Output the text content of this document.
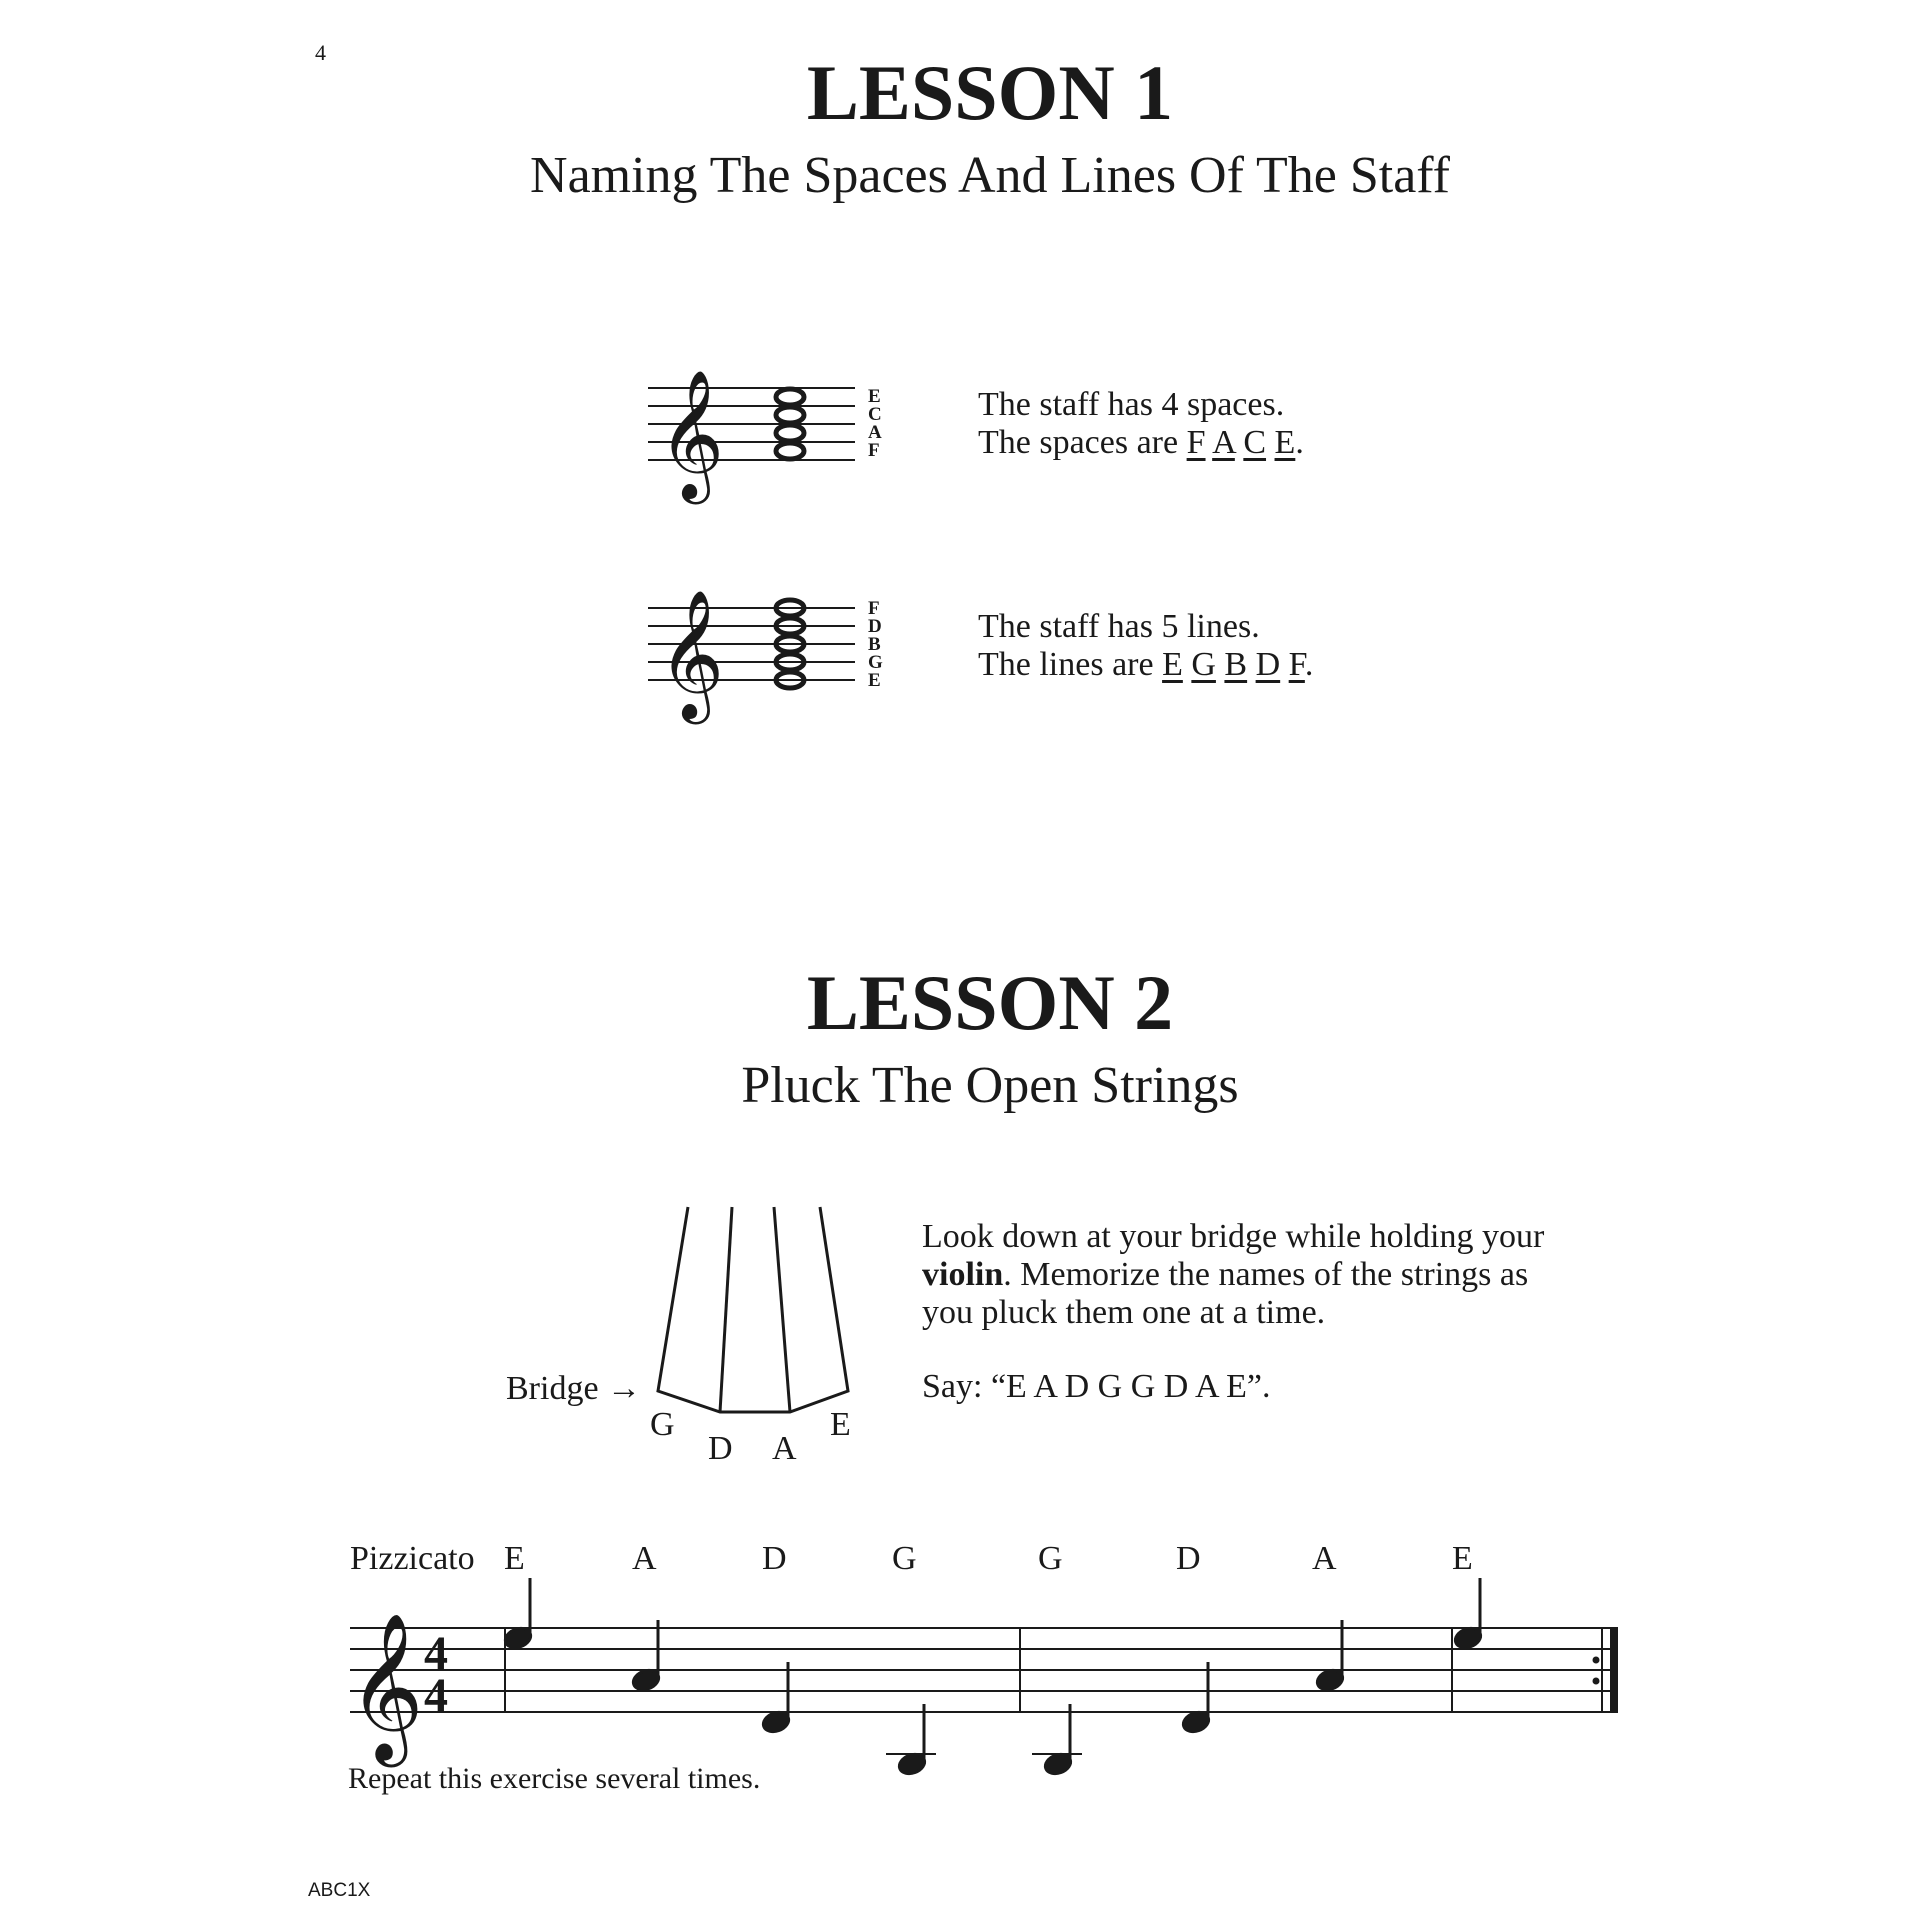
4	LESSON 1
Naming The Spaces And Lines Of The Staff
𝄞	E
C
A
F
The staff has 4 spaces.
The spaces are F A C E.
𝄞	F
D
B
G
E
The staff has 5 lines.
The lines are E G B D F.
LESSON 2
Pluck The Open Strings
Bridge →
G
D A
E
Look down at your bridge while holding your violin. Memorize the names of the strings as you pluck them one at a time.
Say: “E A D G G D A E”.
Pizzicato E	A	D	G	G	D	A	E
𝄞 4
4
Repeat this exercise several times.
ABC1X
